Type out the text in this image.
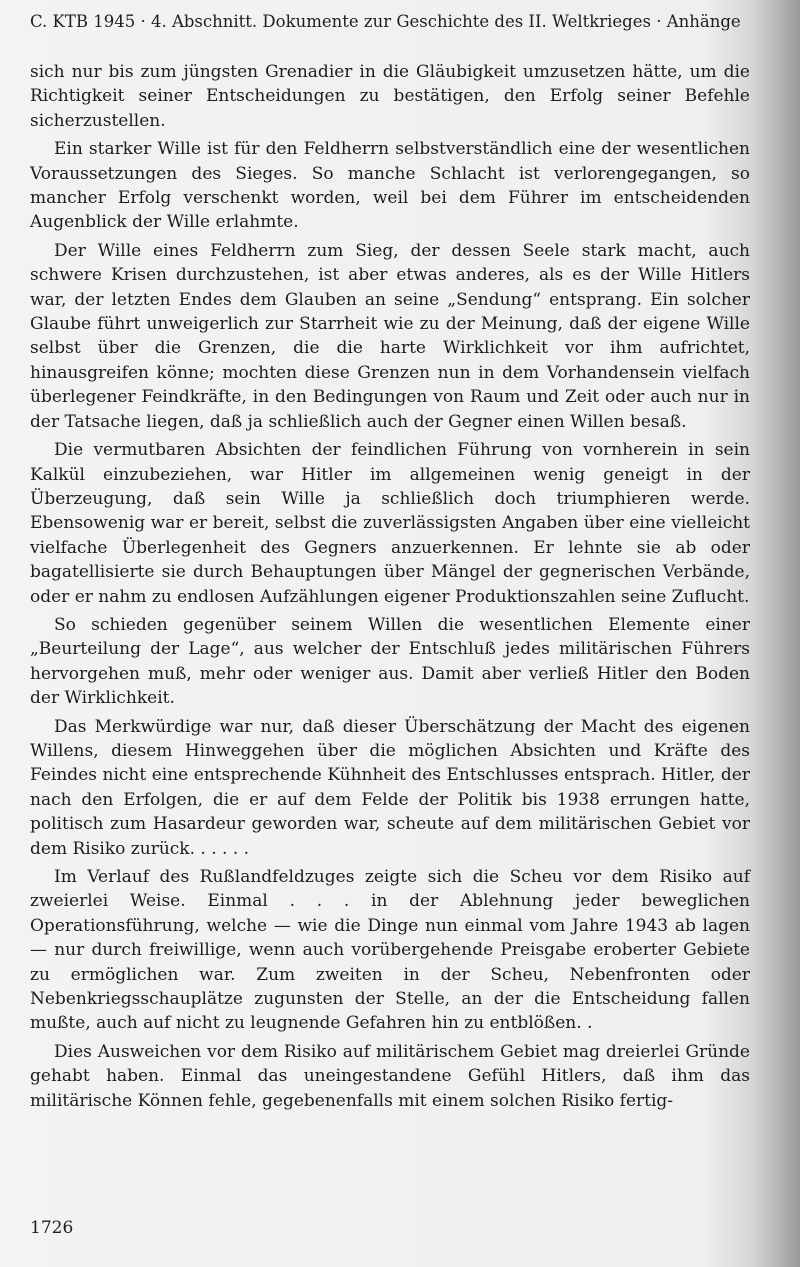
C. KTB 1945 · 4. Abschnitt. Dokumente zur Geschichte des II. Weltkrieges · Anhänge

sich nur bis zum jüngsten Grenadier in die Gläubigkeit umzusetzen hätte, um die Richtigkeit seiner Entscheidungen zu bestätigen, den Erfolg seiner Befehle sicherzustellen.

Ein starker Wille ist für den Feldherrn selbstverständlich eine der wesentlichen Voraussetzungen des Sieges. So manche Schlacht ist verlorengegangen, so mancher Erfolg verschenkt worden, weil bei dem Führer im entscheidenden Augenblick der Wille erlahmte.

Der Wille eines Feldherrn zum Sieg, der dessen Seele stark macht, auch schwere Krisen durchzustehen, ist aber etwas anderes, als es der Wille Hitlers war, der letzten Endes dem Glauben an seine „Sendung“ entsprang. Ein solcher Glaube führt unweigerlich zur Starrheit wie zu der Meinung, daß der eigene Wille selbst über die Grenzen, die die harte Wirklichkeit vor ihm aufrichtet, hinausgreifen könne; mochten diese Grenzen nun in dem Vorhandensein vielfach überlegener Feindkräfte, in den Bedingungen von Raum und Zeit oder auch nur in der Tatsache liegen, daß ja schließlich auch der Gegner einen Willen besaß.

Die vermutbaren Absichten der feindlichen Führung von vornherein in sein Kalkül einzubeziehen, war Hitler im allgemeinen wenig geneigt in der Überzeugung, daß sein Wille ja schließlich doch triumphieren werde. Ebensowenig war er bereit, selbst die zuverlässigsten Angaben über eine vielleicht vielfache Überlegenheit des Gegners anzuerkennen. Er lehnte sie ab oder bagatellisierte sie durch Behauptungen über Mängel der gegnerischen Verbände, oder er nahm zu endlosen Aufzählungen eigener Produktionszahlen seine Zuflucht.

So schieden gegenüber seinem Willen die wesentlichen Elemente einer „Beurteilung der Lage“, aus welcher der Entschluß jedes militärischen Führers hervorgehen muß, mehr oder weniger aus. Damit aber verließ Hitler den Boden der Wirklichkeit.

Das Merkwürdige war nur, daß dieser Überschätzung der Macht des eigenen Willens, diesem Hinweggehen über die möglichen Absichten und Kräfte des Feindes nicht eine entsprechende Kühnheit des Entschlusses entsprach. Hitler, der nach den Erfolgen, die er auf dem Felde der Politik bis 1938 errungen hatte, politisch zum Hasardeur geworden war, scheute auf dem militärischen Gebiet vor dem Risiko zurück. . . . . .

Im Verlauf des Rußlandfeldzuges zeigte sich die Scheu vor dem Risiko auf zweierlei Weise. Einmal . . . in der Ablehnung jeder beweglichen Operationsführung, welche — wie die Dinge nun einmal vom Jahre 1943 ab lagen — nur durch freiwillige, wenn auch vorübergehende Preisgabe eroberter Gebiete zu ermöglichen war. Zum zweiten in der Scheu, Nebenfronten oder Nebenkriegsschauplätze zugunsten der Stelle, an der die Entscheidung fallen mußte, auch auf nicht zu leugnende Gefahren hin zu entblößen. .

Dies Ausweichen vor dem Risiko auf militärischem Gebiet mag dreierlei Gründe gehabt haben. Einmal das uneingestandene Gefühl Hitlers, daß ihm das militärische Können fehle, gegebenenfalls mit einem solchen Risiko fertig-

1726
